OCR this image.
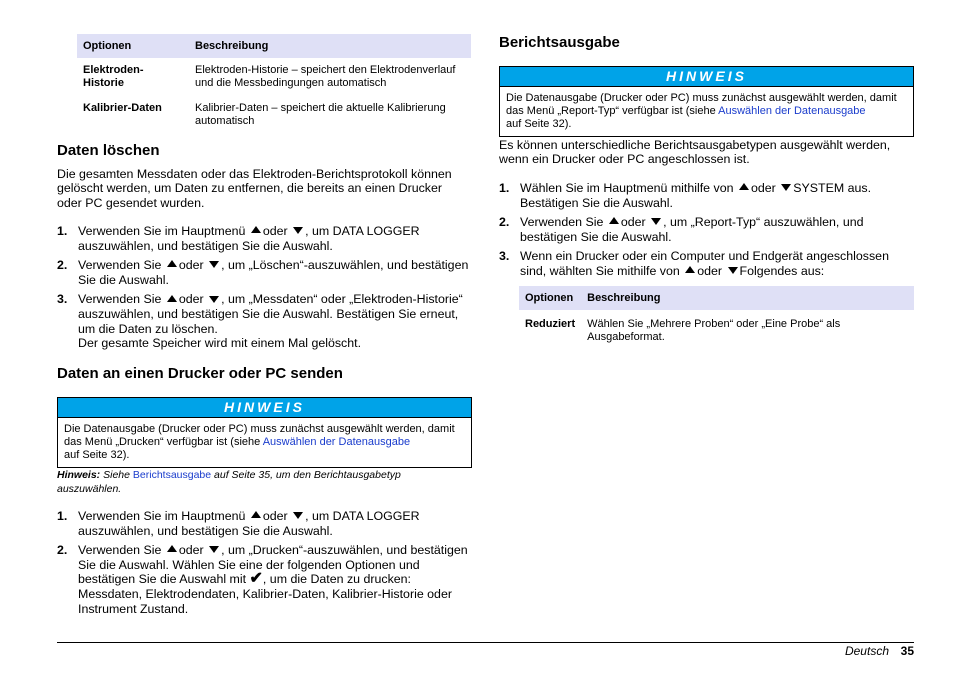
Optionen	Beschreibung
Elektroden-Historie	Elektroden-Historie – speichert den Elektrodenverlauf und die Messbedingungen automatisch
Kalibrier-Daten	Kalibrier-Daten – speichert die aktuelle Kalibrierung automatisch
Daten löschen

Die gesamten Messdaten oder das Elektroden-Berichtsprotokoll können gelöscht werden, um Daten zu entfernen, die bereits an einen Drucker oder PC gesendet wurden.

1. Verwenden Sie im Hauptmenü oder , um DATA LOGGER auszuwählen, und bestätigen Sie die Auswahl.
2. Verwenden Sie oder , um „Löschen“-auszuwählen, und bestätigen Sie die Auswahl.
3. Verwenden Sie oder , um „Messdaten“ oder „Elektroden-Historie“ auszuwählen, und bestätigen Sie die Auswahl. Bestätigen Sie erneut, um die Daten zu löschen.
Der gesamte Speicher wird mit einem Mal gelöscht.
Daten an einen Drucker oder PC senden
HINWEIS
Die Datenausgabe (Drucker oder PC) muss zunächst ausgewählt werden, damit das Menü „Drucken“ verfügbar ist (siehe Auswählen der Datenausgabe
auf Seite 32).

Hinweis: Siehe Berichtsausgabe auf Seite 35, um den Berichtausgabetyp auszuwählen.

1. Verwenden Sie im Hauptmenü oder , um DATA LOGGER auszuwählen, und bestätigen Sie die Auswahl.
2. Verwenden Sie oder , um „Drucken“-auszuwählen, und bestätigen Sie die Auswahl. Wählen Sie eine der folgenden Optionen und bestätigen Sie die Auswahl mit ✔, um die Daten zu drucken: Messdaten, Elektrodendaten, Kalibrier-Daten, Kalibrier-Historie oder Instrument Zustand.
Berichtsausgabe
HINWEIS
Die Datenausgabe (Drucker oder PC) muss zunächst ausgewählt werden, damit das Menü „Report-Typ“ verfügbar ist (siehe Auswählen der Datenausgabe
auf Seite 32).

Es können unterschiedliche Berichtsausgabetypen ausgewählt werden, wenn ein Drucker oder PC angeschlossen ist.

1. Wählen Sie im Hauptmenü mithilfe von oder SYSTEM aus. Bestätigen Sie die Auswahl.
2. Verwenden Sie oder , um „Report-Typ“ auszuwählen, und bestätigen Sie die Auswahl.
3. Wenn ein Drucker oder ein Computer und Endgerät angeschlossen sind, wählten Sie mithilfe von oder Folgendes aus:
Optionen	Beschreibung
Reduziert	Wählen Sie „Mehrere Proben“ oder „Eine Probe“ als Ausgabeformat.
Deutsch 35
